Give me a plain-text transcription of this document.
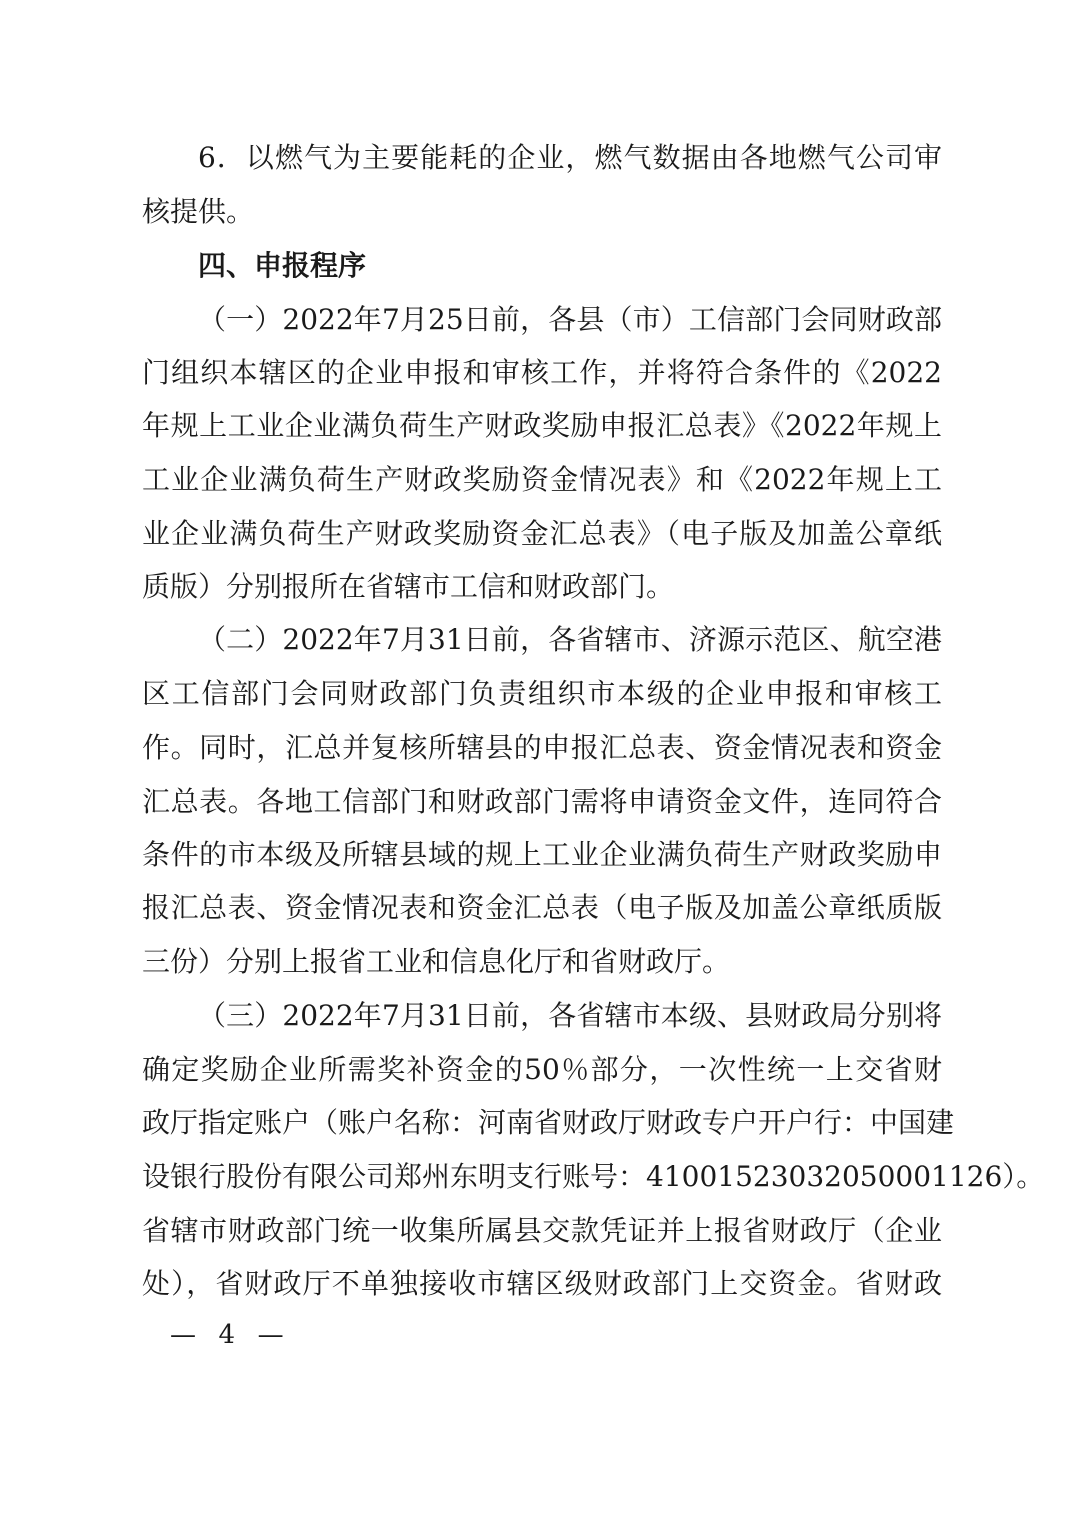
6．以燃气为主要能耗的企业，燃气数据由各地燃气公司审
核提供。
四、申报程序
（一）2022年7月25日前，各县（市）工信部门会同财政部
门组织本辖区的企业申报和审核工作，并将符合条件的《2022
年规上工业企业满负荷生产财政奖励申报汇总表》《2022年规上
工业企业满负荷生产财政奖励资金情况表》和《2022年规上工
业企业满负荷生产财政奖励资金汇总表》（电子版及加盖公章纸
质版）分别报所在省辖市工信和财政部门。
（二）2022年7月31日前，各省辖市、济源示范区、航空港
区工信部门会同财政部门负责组织市本级的企业申报和审核工
作。同时，汇总并复核所辖县的申报汇总表、资金情况表和资金
汇总表。各地工信部门和财政部门需将申请资金文件，连同符合
条件的市本级及所辖县域的规上工业企业满负荷生产财政奖励申
报汇总表、资金情况表和资金汇总表（电子版及加盖公章纸质版
三份）分别上报省工业和信息化厅和省财政厅。
（三）2022年7月31日前，各省辖市本级、县财政局分别将
确定奖励企业所需奖补资金的50％部分，一次性统一上交省财
政厅指定账户（账户名称：河南省财政厅财政专户开户行：中国建
设银行股份有限公司郑州东明支行账号：41001523032050001126）。
省辖市财政部门统一收集所属县交款凭证并上报省财政厅（企业
处），省财政厅不单独接收市辖区级财政部门上交资金。省财政
—  4  —
